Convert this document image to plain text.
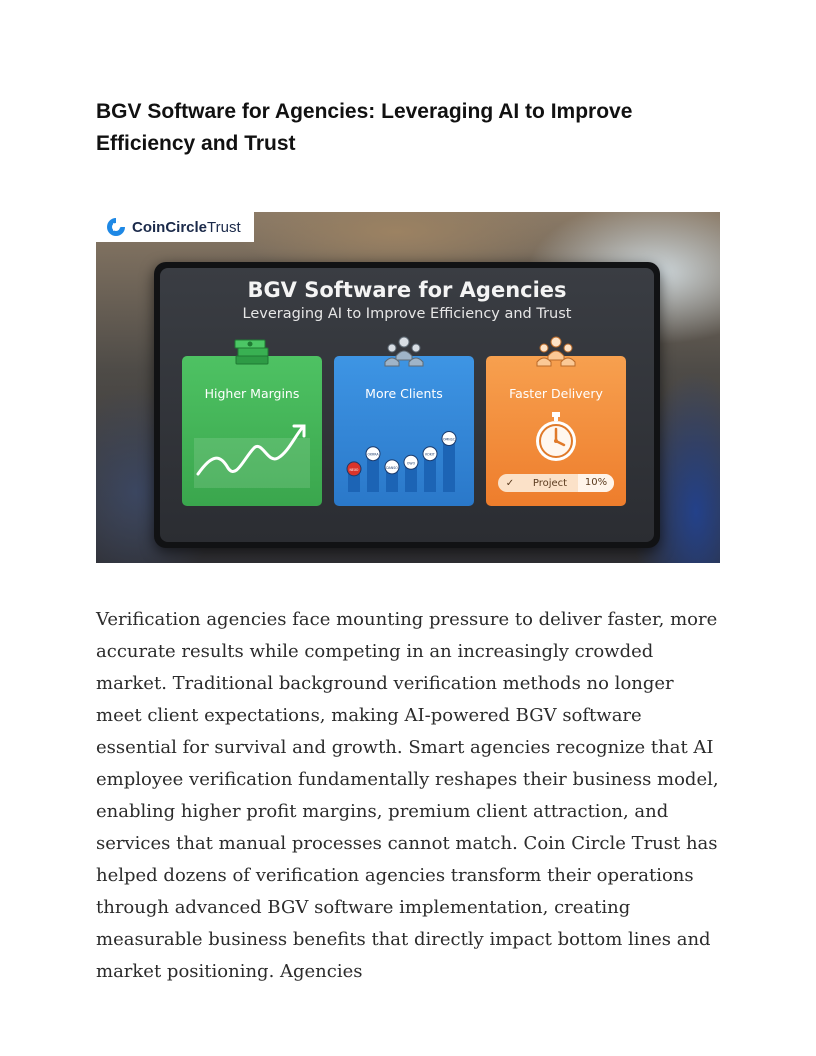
BGV Software for Agencies: Leveraging AI to Improve Efficiency and Trust
CoinCircleTrust
BGV Software for Agencies
Leveraging AI to Improve Efficiency and Trust
Higher Margins	More Clients
NEXO
OKRRA
DANSO
OWO
KOKIT
OMNSC
Faster Delivery
✓	Project	10%

Verification agencies face mounting pressure to deliver faster, more accurate results while competing in an increasingly crowded market. Traditional background verification methods no longer meet client expectations, making AI-powered BGV software essential for survival and growth. Smart agencies recognize that AI employee verification fundamentally reshapes their business model, enabling higher profit margins, premium client attraction, and services that manual processes cannot match. Coin Circle Trust has helped dozens of verification agencies transform their operations through advanced BGV software implementation, creating measurable business benefits that directly impact bottom lines and market positioning. Agencies
